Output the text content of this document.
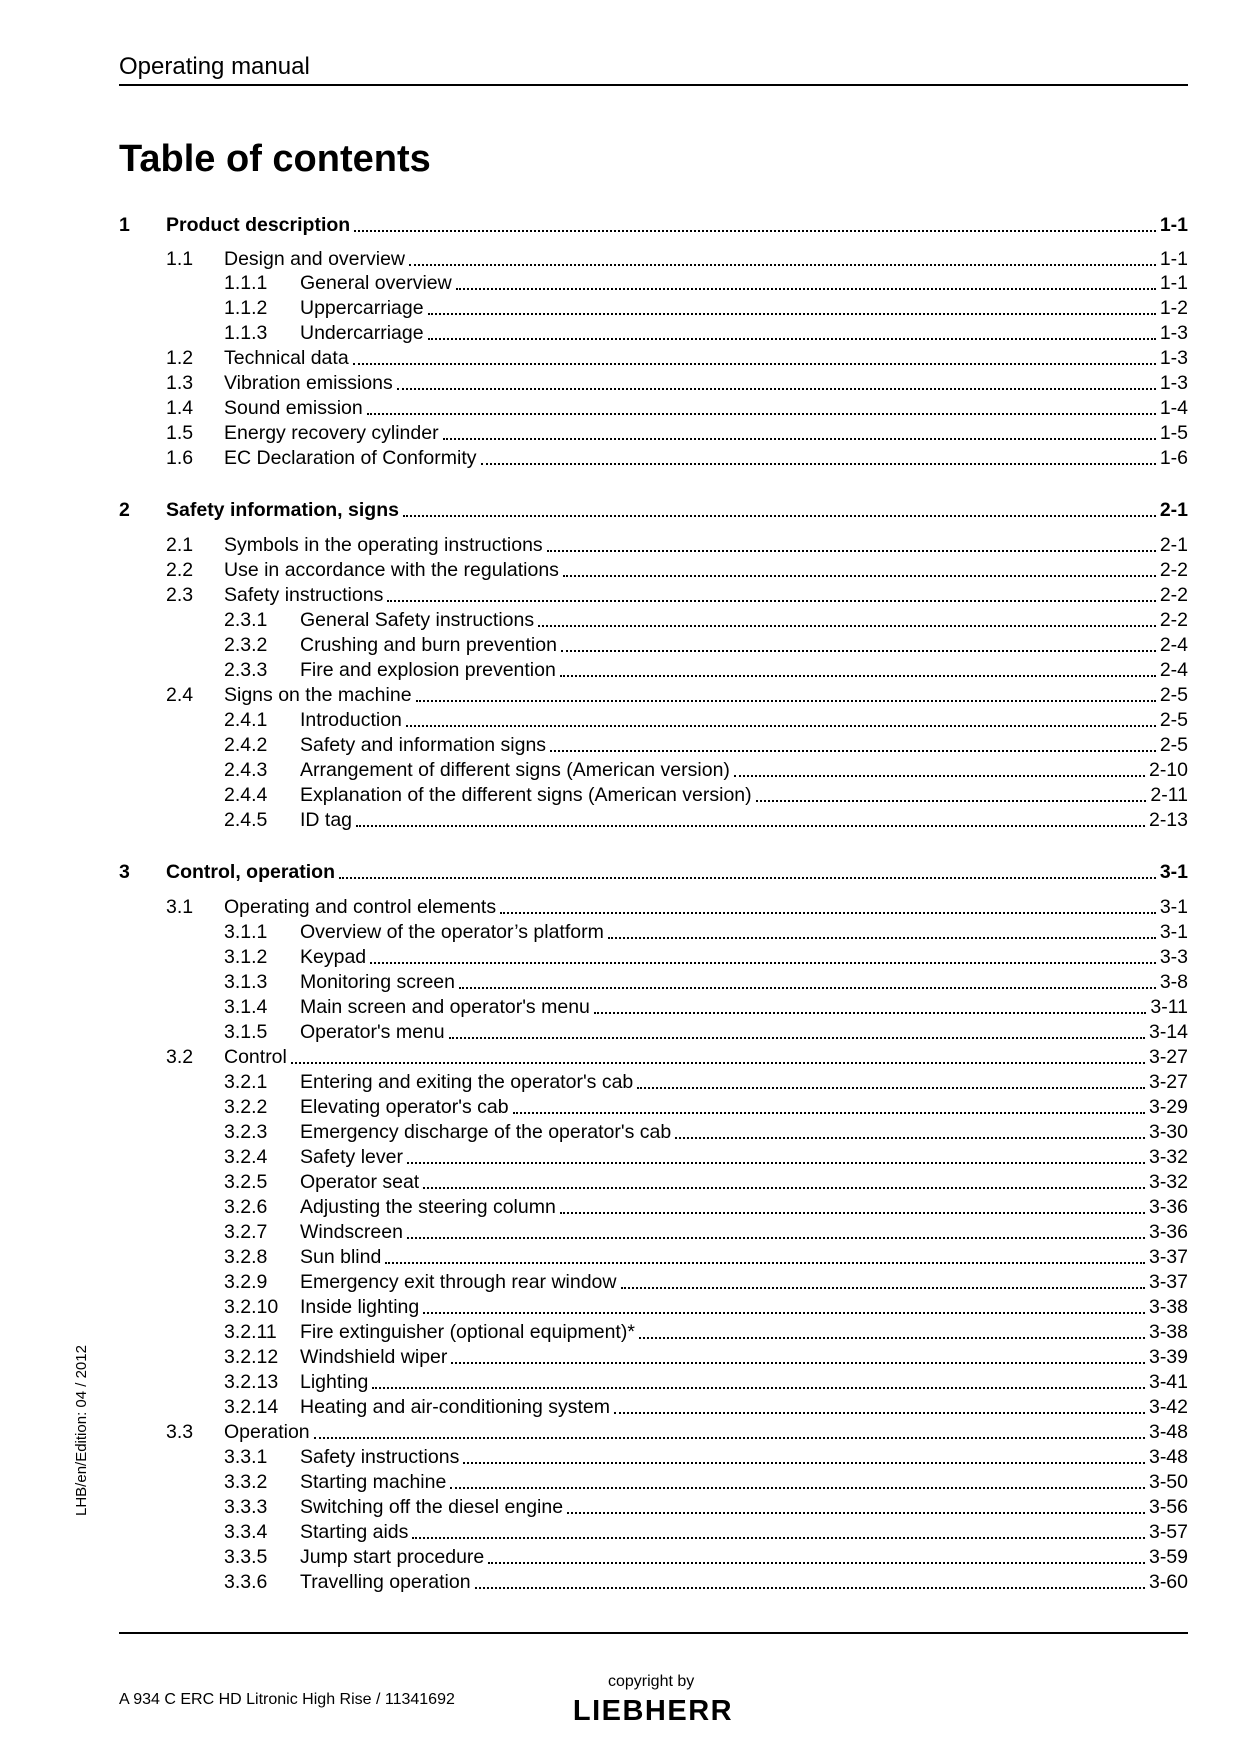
Operating manual
Table of contents
1 Product description	1-1
1.1 Design and overview	1-1
1.1.1 General overview	1-1
1.1.2 Uppercarriage	1-2
1.1.3 Undercarriage	1-3
1.2 Technical data	1-3
1.3 Vibration emissions	1-3
1.4 Sound emission	1-4
1.5 Energy recovery cylinder	1-5
1.6 EC Declaration of Conformity	1-6
2 Safety information, signs	2-1
2.1 Symbols in the operating instructions	2-1
2.2 Use in accordance with the regulations	2-2
2.3 Safety instructions	2-2
2.3.1 General Safety instructions	2-2
2.3.2 Crushing and burn prevention	2-4
2.3.3 Fire and explosion prevention	2-4
2.4 Signs on the machine	2-5
2.4.1 Introduction	2-5
2.4.2 Safety and information signs	2-5
2.4.3 Arrangement of different signs (American version)	2-10
2.4.4 Explanation of the different signs (American version)	2-11
2.4.5 ID tag	2-13
3 Control, operation	3-1
3.1 Operating and control elements	3-1
3.1.1 Overview of the operator’s platform	3-1
3.1.2 Keypad	3-3
3.1.3 Monitoring screen	3-8
3.1.4 Main screen and operator's menu	3-11
3.1.5 Operator's menu	3-14
3.2 Control	3-27
3.2.1 Entering and exiting the operator's cab	3-27
3.2.2 Elevating operator's cab	3-29
3.2.3 Emergency discharge of the operator's cab	3-30
3.2.4 Safety lever	3-32
3.2.5 Operator seat	3-32
3.2.6 Adjusting the steering column	3-36
3.2.7 Windscreen	3-36
3.2.8 Sun blind	3-37
3.2.9 Emergency exit through rear window	3-37
3.2.10 Inside lighting	3-38
3.2.11 Fire extinguisher (optional equipment)*	3-38
3.2.12 Windshield wiper	3-39
3.2.13 Lighting	3-41
3.2.14 Heating and air-conditioning system	3-42
3.3 Operation	3-48
3.3.1 Safety instructions	3-48
3.3.2 Starting machine	3-50
3.3.3 Switching off the diesel engine	3-56
3.3.4 Starting aids	3-57
3.3.5 Jump start procedure	3-59
3.3.6 Travelling operation	3-60
LHB/en/Edition: 04 / 2012
A 934 C ERC HD Litronic High Rise / 11341692
copyright by
LIEBHERR
